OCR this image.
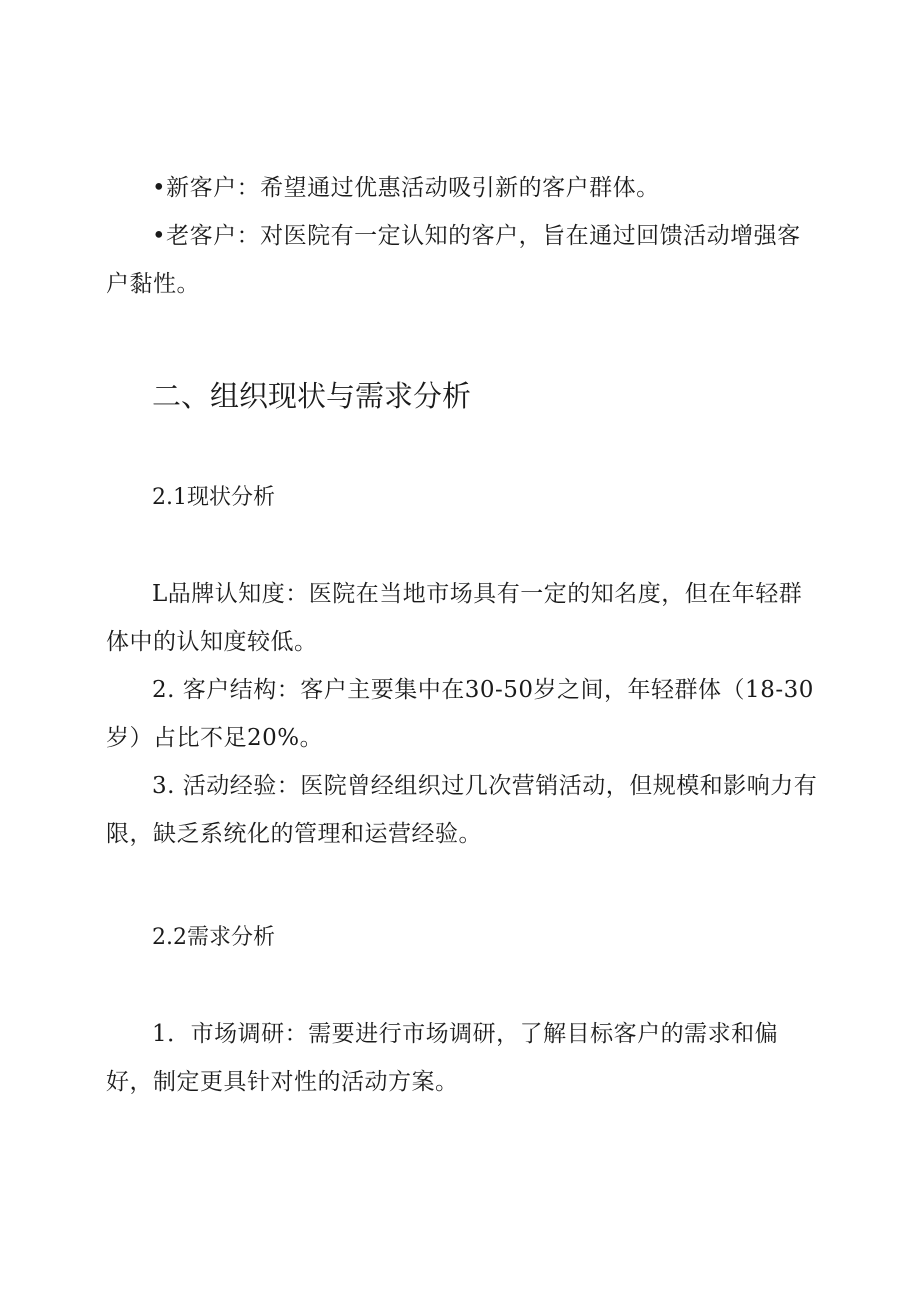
•新客户：希望通过优惠活动吸引新的客户群体。

•老客户：对医院有一定认知的客户，旨在通过回馈活动增强客户黏性。

二、组织现状与需求分析
2.1现状分析

L品牌认知度：医院在当地市场具有一定的知名度，但在年轻群体中的认知度较低。

2. 客户结构：客户主要集中在30-50岁之间，年轻群体（18-30岁）占比不足20%。

3. 活动经验：医院曾经组织过几次营销活动，但规模和影响力有限，缺乏系统化的管理和运营经验。

2.2需求分析

1．市场调研：需要进行市场调研，了解目标客户的需求和偏好，制定更具针对性的活动方案。
